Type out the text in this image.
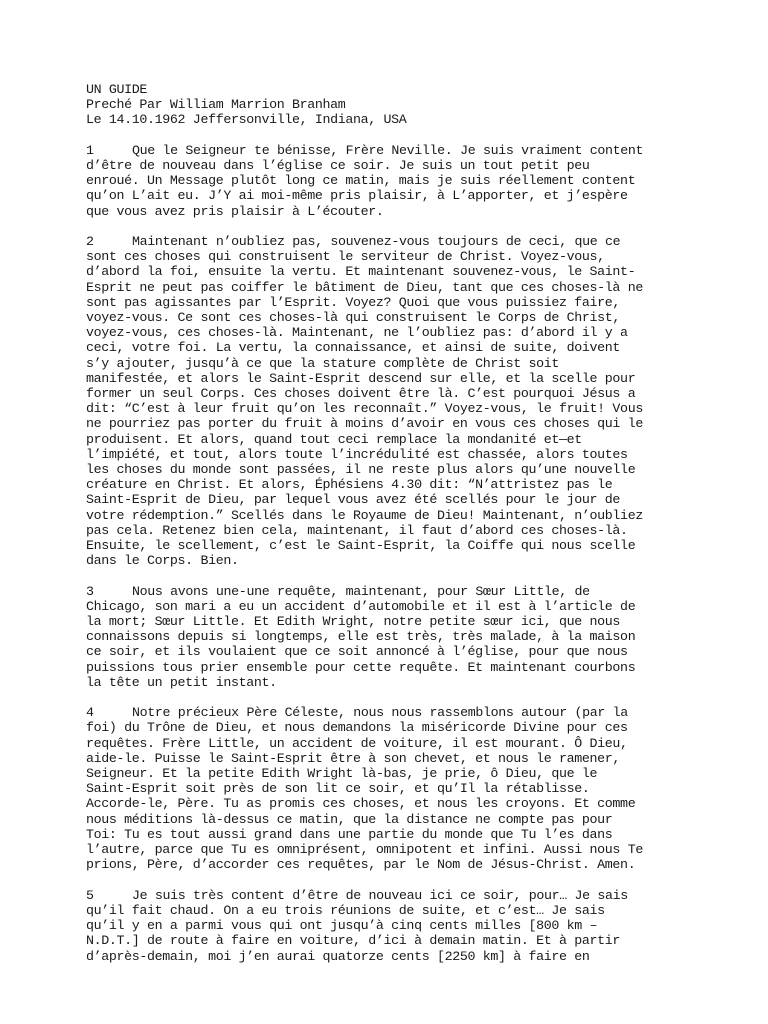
UN GUIDE
Preché Par William Marrion Branham
Le 14.10.1962 Jeffersonville, Indiana, USA
1	Que le Seigneur te bénisse, Frère Neville. Je suis vraiment content
d’être de nouveau dans l’église ce soir. Je suis un tout petit peu
enroué. Un Message plutôt long ce matin, mais je suis réellement content
qu’on L’ait eu. J’Y ai moi-même pris plaisir, à L’apporter, et j’espère
que vous avez pris plaisir à L’écouter.
2	Maintenant n’oubliez pas, souvenez-vous toujours de ceci, que ce
sont ces choses qui construisent le serviteur de Christ. Voyez-vous,
d’abord la foi, ensuite la vertu. Et maintenant souvenez-vous, le Saint-
Esprit ne peut pas coiffer le bâtiment de Dieu, tant que ces choses-là ne
sont pas agissantes par l’Esprit. Voyez? Quoi que vous puissiez faire,
voyez-vous. Ce sont ces choses-là qui construisent le Corps de Christ,
voyez-vous, ces choses-là. Maintenant, ne l’oubliez pas: d’abord il y a
ceci, votre foi. La vertu, la connaissance, et ainsi de suite, doivent
s’y ajouter, jusqu’à ce que la stature complète de Christ soit
manifestée, et alors le Saint-Esprit descend sur elle, et la scelle pour
former un seul Corps. Ces choses doivent être là. C’est pourquoi Jésus a
dit: “C’est à leur fruit qu’on les reconnaît.” Voyez-vous, le fruit! Vous
ne pourriez pas porter du fruit à moins d’avoir en vous ces choses qui le
produisent. Et alors, quand tout ceci remplace la mondanité et—et
l’impiété, et tout, alors toute l’incrédulité est chassée, alors toutes
les choses du monde sont passées, il ne reste plus alors qu’une nouvelle
créature en Christ. Et alors, Éphésiens 4.30 dit: “N’attristez pas le
Saint-Esprit de Dieu, par lequel vous avez été scellés pour le jour de
votre rédemption.” Scellés dans le Royaume de Dieu! Maintenant, n’oubliez
pas cela. Retenez bien cela, maintenant, il faut d’abord ces choses-là.
Ensuite, le scellement, c’est le Saint-Esprit, la Coiffe qui nous scelle
dans le Corps. Bien.
3	Nous avons une-une requête, maintenant, pour Sœur Little, de
Chicago, son mari a eu un accident d’automobile et il est à l’article de
la mort; Sœur Little. Et Edith Wright, notre petite sœur ici, que nous
connaissons depuis si longtemps, elle est très, très malade, à la maison
ce soir, et ils voulaient que ce soit annoncé à l’église, pour que nous
puissions tous prier ensemble pour cette requête. Et maintenant courbons
la tête un petit instant.
4	Notre précieux Père Céleste, nous nous rassemblons autour (par la
foi) du Trône de Dieu, et nous demandons la miséricorde Divine pour ces
requêtes. Frère Little, un accident de voiture, il est mourant. Ô Dieu,
aide-le. Puisse le Saint-Esprit être à son chevet, et nous le ramener,
Seigneur. Et la petite Edith Wright là-bas, je prie, ô Dieu, que le
Saint-Esprit soit près de son lit ce soir, et qu’Il la rétablisse.
Accorde-le, Père. Tu as promis ces choses, et nous les croyons. Et comme
nous méditions là-dessus ce matin, que la distance ne compte pas pour
Toi: Tu es tout aussi grand dans une partie du monde que Tu l’es dans
l’autre, parce que Tu es omniprésent, omnipotent et infini. Aussi nous Te
prions, Père, d’accorder ces requêtes, par le Nom de Jésus-Christ. Amen.
5	Je suis très content d’être de nouveau ici ce soir, pour… Je sais
qu’il fait chaud. On a eu trois réunions de suite, et c’est… Je sais
qu’il y en a parmi vous qui ont jusqu’à cinq cents milles [800 km –
N.D.T.] de route à faire en voiture, d’ici à demain matin. Et à partir
d’après-demain, moi j’en aurai quatorze cents [2250 km] à faire en
